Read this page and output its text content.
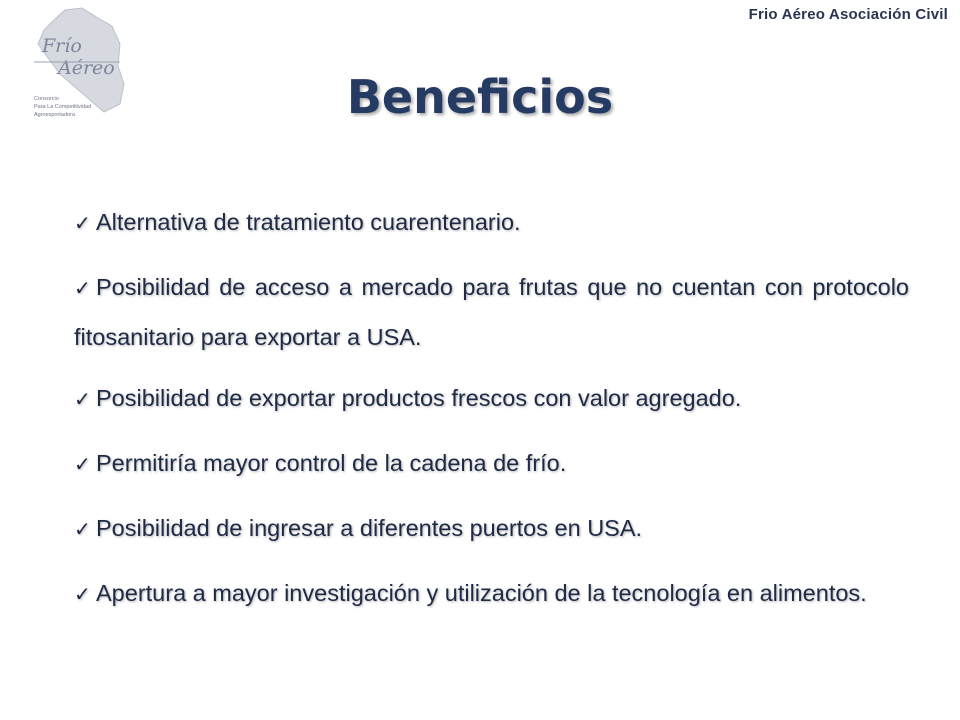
Frio Aéreo Asociación Civil
Frío
Aéreo
Consorcio
Para La Competitividad
Agroexportadora	Beneficios
✓ Alternativa de tratamiento cuarentenario.
✓ Posibilidad de acceso a mercado para frutas que no cuentan con protocolo fitosanitario para exportar a USA.
✓ Posibilidad de exportar productos frescos con valor agregado.
✓ Permitiría mayor control de la cadena de frío.
✓ Posibilidad de ingresar a diferentes puertos en USA.
✓ Apertura a mayor investigación y utilización de la tecnología en alimentos.
